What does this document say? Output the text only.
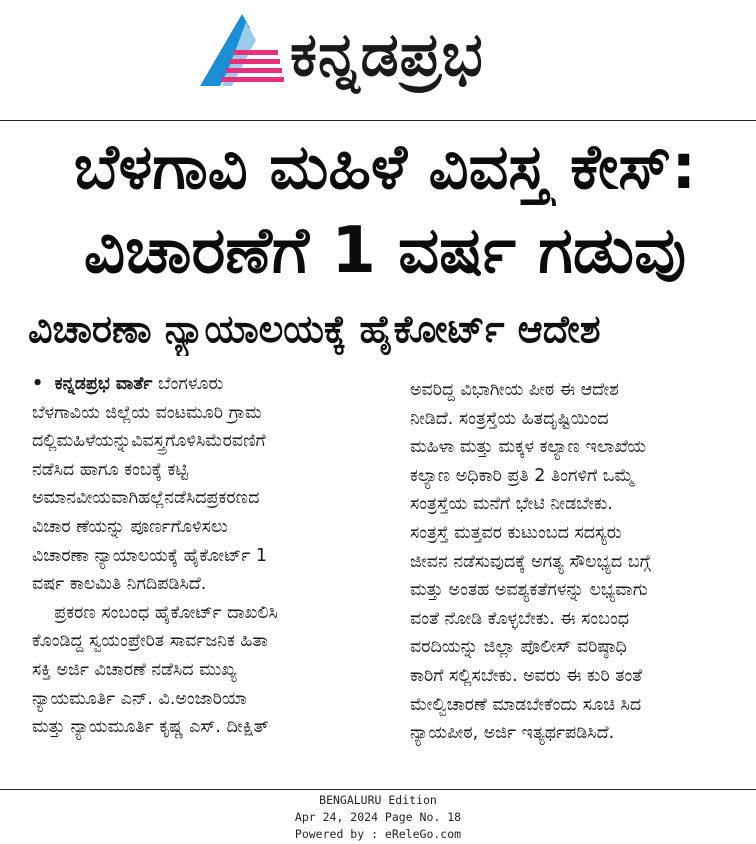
ಕನ್ನಡಪ್ರಭ
ಬೆಳಗಾವಿ ಮಹಿಳೆ ವಿವಸ್ತ್ರ ಕೇಸ್:
ವಿಚಾರಣೆಗೆ 1 ವರ್ಷ ಗಡುವು
ವಿಚಾರಣಾ ನ್ಯಾಯಾಲಯಕ್ಕೆ ಹೈಕೋರ್ಟ್ ಆದೇಶ
• ಕನ್ನಡಪ್ರಭ ವಾರ್ತೆ ಬೆಂಗಳೂರು
ಬೆಳಗಾವಿಯ ಜಿಲ್ಲೆಯ ವಂಟಮೂರಿ ಗ್ರಾಮ
ದಲ್ಲಿಮಹಿಳೆಯನ್ನುವಿವಸ್ತ್ರಗೊಳಿಸಿಮೆರವಣಿಗೆ
ನಡೆಸಿದ ಹಾಗೂ ಕಂಬಕ್ಕೆ ಕಟ್ಟಿ
ಅಮಾನವೀಯವಾಗಿಹಲ್ಲೆನಡೆಸಿದಪ್ರಕರಣದ
ವಿಚಾರ ಣೆಯನ್ನು ಪೂರ್ಣಗೊಳಿಸಲು
ವಿಚಾರಣಾ ನ್ಯಾಯಾಲಯಕ್ಕೆ ಹೈಕೋರ್ಟ್ 1
ವರ್ಷ ಕಾಲಮಿತಿ ನಿಗದಿಪಡಿಸಿದೆ.
ಪ್ರಕರಣ ಸಂಬಂಧ ಹೈಕೋರ್ಟ್ ದಾಖಲಿಸಿ
ಕೊಂಡಿದ್ದ ಸ್ವಯಂಪ್ರೇರಿತ ಸಾರ್ವಜನಿಕ ಹಿತಾ
ಸಕ್ತಿ ಅರ್ಜಿ ವಿಚಾರಣೆ ನಡೆಸಿದ ಮುಖ್ಯ
ನ್ಯಾಯಮೂರ್ತಿ ಎನ್. ವಿ.ಅಂಜಾರಿಯಾ
ಮತ್ತು ನ್ಯಾಯಮೂರ್ತಿ ಕೃಷ್ಣ ಎಸ್. ದೀಕ್ಷಿತ್
ಅವರಿದ್ದ ವಿಭಾಗೀಯ ಪೀಠ ಈ ಆದೇಶ
ನೀಡಿದೆ. ಸಂತ್ರಸ್ತೆಯ ಹಿತದೃಷ್ಟಿಯಿಂದ
ಮಹಿಳಾ ಮತ್ತು ಮಕ್ಕಳ ಕಲ್ಯಾಣ ಇಲಾಖೆಯ
ಕಲ್ಯಾಣ ಅಧಿಕಾರಿ ಪ್ರತಿ 2 ತಿಂಗಳಿಗೆ ಒಮ್ಮೆ
ಸಂತ್ರಸ್ತೆಯ ಮನೆಗೆ ಭೇಟಿ ನೀಡಬೇಕು.
ಸಂತ್ರಸ್ತೆ ಮತ್ತವರ ಕುಟುಂಬದ ಸದಸ್ಯರು
ಜೀವನ ನಡೆಸುವುದಕ್ಕೆ ಅಗತ್ಯ ಸೌಲಭ್ಯದ ಬಗ್ಗೆ
ಮತ್ತು ಅಂತಹ ಅವಶ್ಯಕತೆಗಳನ್ನು ಲಭ್ಯವಾಗು
ವಂತೆ ನೋಡಿ ಕೊಳ್ಳಬೇಕು. ಈ ಸಂಬಂಧ
ವರದಿಯನ್ನು ಜಿಲ್ಲಾ ಪೊಲೀಸ್ ವರಿಷ್ಠಾಧಿ
ಕಾರಿಗೆ ಸಲ್ಲಿಸಬೇಕು. ಅವರು ಈ ಕುರಿ ತಂತೆ
ಮೇಲ್ವಿಚಾರಣೆ ಮಾಡಬೇಕೆಂದು ಸೂಚಿ ಸಿದ
ನ್ಯಾಯಪೀಠ, ಅರ್ಜಿ ಇತ್ಯರ್ಥಪಡಿಸಿದೆ.
BENGALURU Edition
Apr 24, 2024 Page No. 18
Powered by : eReleGo.com
